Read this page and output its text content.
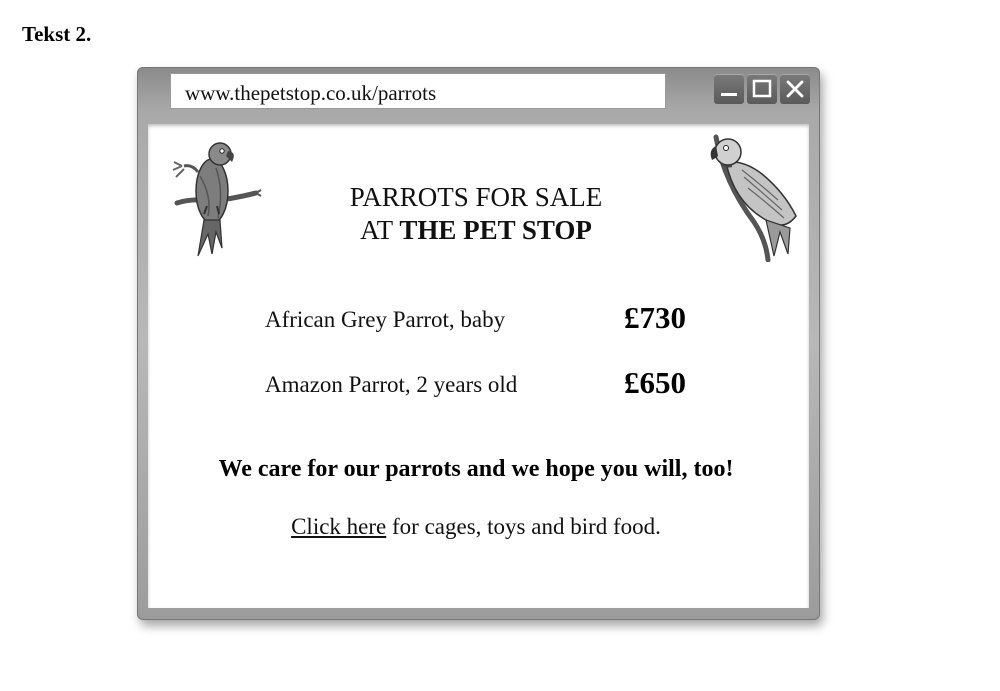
Tekst 2.
www.thepetstop.co.uk/parrots
PARROTS FOR SALE
AT THE PET STOP
African Grey Parrot, baby	£730
Amazon Parrot, 2 years old	£650
We care for our parrots and we hope you will, too!
Click here for cages, toys and bird food.
